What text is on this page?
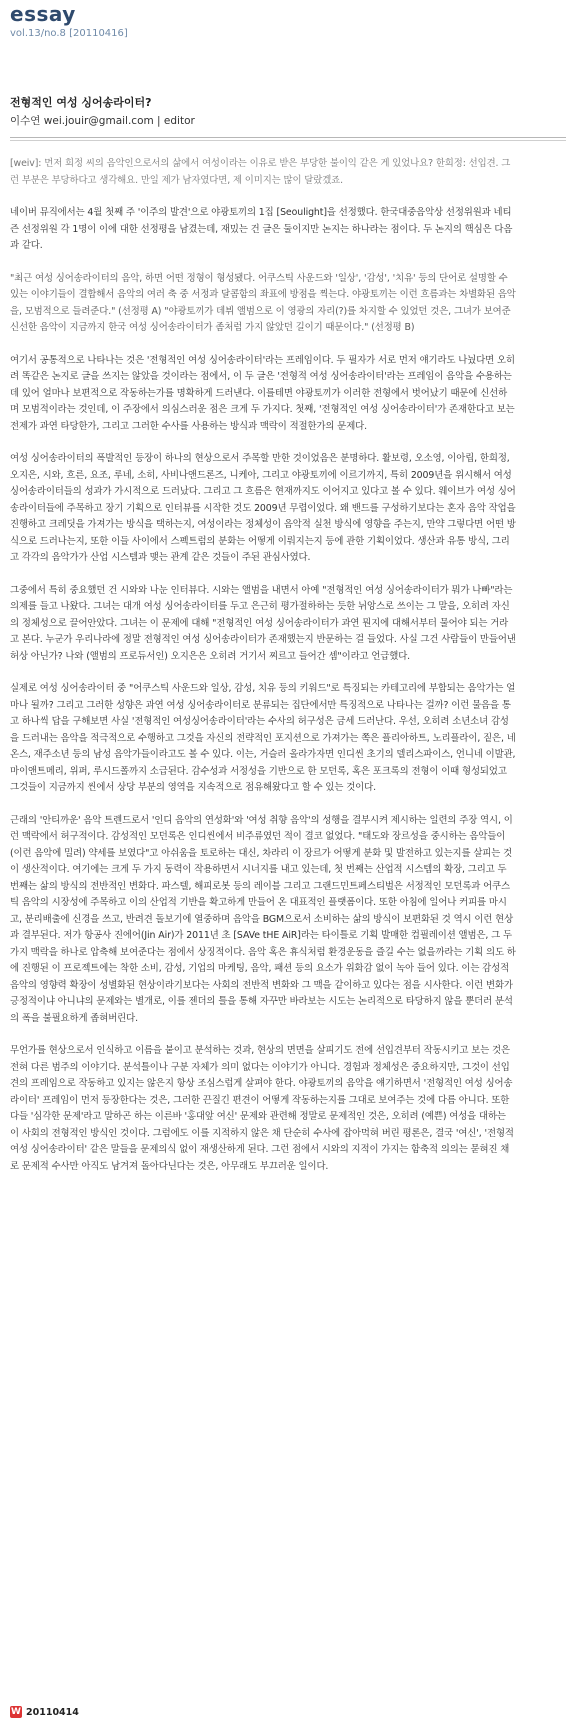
essay
vol.13/no.8 [20110416]
전형적인 여성 싱어송라이터?
이수연 wei.jouir@gmail.com | editor

[weiv]: 먼저 희정 씨의 음악인으로서의 삶에서 여성이라는 이유로 받은 부당한 불이익 같은 게 있었나요? 한희정: 선입견. 그런 부분은 부당하다고 생각해요. 만일 제가 남자였다면, 제 이미지는 많이 달랐겠죠.

네이버 뮤직에서는 4월 첫째 주 '이주의 발견'으로 야광토끼의 1집 [Seoulight]을 선정했다. 한국대중음악상 선정위원과 네티즌 선정위원 각 1명이 이에 대한 선정평을 남겼는데, 재밌는 건 글은 둘이지만 논지는 하나라는 점이다. 두 논지의 핵심은 다음과 같다.

"최근 여성 싱어송라이터의 음악, 하면 어떤 정형이 형성됐다. 어쿠스틱 사운드와 '일상', '감성', '치유' 등의 단어로 설명할 수 있는 이야기들이 결합해서 음악의 여러 축 중 서정과 달콤함의 좌표에 방점을 찍는다. 야광토끼는 이런 흐름과는 차별화된 음악을, 모범적으로 들려준다." (선정평 A) "야광토끼가 데뷔 앨범으로 이 영광의 자리(?)를 차지할 수 있었던 것은, 그녀가 보여준 신선한 음악이 지금까지 한국 여성 싱어송라이터가 좀처럼 가지 않았던 길이기 때문이다." (선정평 B)

여기서 공통적으로 나타나는 것은 '전형적인 여성 싱어송라이터'라는 프레임이다. 두 필자가 서로 먼저 얘기라도 나눴다면 오히려 똑같은 논지로 글을 쓰지는 않았을 것이라는 점에서, 이 두 글은 '전형적 여성 싱어송라이터'라는 프레임이 음악을 수용하는 데 있어 얼마나 보편적으로 작동하는가를 명확하게 드러낸다. 이를테면 야광토끼가 이러한 전형에서 벗어났기 때문에 신선하며 모범적이라는 것인데, 이 주장에서 의심스러운 점은 크게 두 가지다. 첫째, '전형적인 여성 싱어송라이터'가 존재한다고 보는 전제가 과연 타당한가, 그리고 그러한 수사를 사용하는 방식과 맥락이 적절한가의 문제다.

여성 싱어송라이터의 폭발적인 등장이 하나의 현상으로서 주목할 만한 것이었음은 분명하다. 활보령, 오소영, 이아립, 한희정, 오지은, 시와, 흐른, 요조, 루네, 소히, 사비나앤드론즈, 니케아, 그리고 야광토끼에 이르기까지, 특히 2009년을 위시해서 여성 싱어송라이터들의 성과가 가시적으로 드러났다. 그리고 그 흐름은 현재까지도 이어지고 있다고 볼 수 있다. 웨이브가 여성 싱어송라이터들에 주목하고 장기 기획으로 인터뷰를 시작한 것도 2009년 무렵이었다. 왜 밴드를 구성하기보다는 혼자 음악 작업을 진행하고 크레딧을 가져가는 방식을 택하는지, 여성이라는 정체성이 음악적 실천 방식에 영향을 주는지, 만약 그렇다면 어떤 방식으로 드러나는지, 또한 이들 사이에서 스펙트럼의 분화는 어떻게 이뤄지는지 등에 관한 기획이었다. 생산과 유통 방식, 그리고 각각의 음악가가 산업 시스템과 맺는 관계 같은 것들이 주된 관심사였다.

그중에서 특히 중요했던 건 시와와 나눈 인터뷰다. 시와는 앨범을 내면서 아예 "전형적인 여성 싱어송라이터가 뭐가 나빠"라는 의제를 들고 나왔다. 그녀는 대개 여성 싱어송라이터를 두고 은근히 평가절하하는 듯한 뉘앙스로 쓰이는 그 말을, 오히려 자신의 정체성으로 끌어안았다. 그녀는 이 문제에 대해 "전형적인 여성 싱어송라이터가 과연 뭔지에 대해서부터 물어야 되는 거라고 본다. 누군가 우리나라에 정말 전형적인 여성 싱어송라이터가 존재했는지 반문하는 걸 들었다. 사실 그건 사람들이 만들어낸 허상 아닌가? 나와 (앨범의 프로듀서인) 오지은은 오히려 거기서 찌르고 들어간 셈"이라고 언급했다.

실제로 여성 싱어송라이터 중 "어쿠스틱 사운드와 일상, 감성, 치유 등의 키워드"로 특징되는 카테고리에 부합되는 음악가는 얼마나 될까? 그리고 그러한 성향은 과연 여성 싱어송라이터로 분류되는 집단에서만 특징적으로 나타나는 걸까? 이런 물음을 통고 하나씩 답을 구해보면 사실 '전형적인 여성싱어송라이터'라는 수사의 허구성은 금세 드러난다. 우선, 오히려 소년소녀 감성을 드러내는 음악을 적극적으로 수행하고 그것을 자신의 전략적인 포지션으로 가져가는 쪽은 플리아하트, 노리플라이, 짙은, 네온스, 재주소년 등의 남성 음악가들이라고도 볼 수 있다. 이는, 거슬러 올라가자면 인디씬 초기의 델리스파이스, 언니네 이발관, 마이앤트메리, 위퍼, 루시드폴까지 소급된다. 감수성과 서정성을 기반으로 한 모던록, 혹은 포크록의 전형이 이때 형성되었고 그것들이 지금까지 씬에서 상당 부분의 영역을 지속적으로 점유해왔다고 할 수 있는 것이다.

근래의 '안티까운' 음악 트렌드로서 '인디 음악의 연성화'와 '여성 취향 음악'의 성행을 결부시켜 제시하는 일련의 주장 역시, 이런 맥락에서 허구적이다. 감성적인 모던록은 인디씬에서 비주류였던 적이 결코 없었다. "태도와 장르성을 중시하는 음악들이 (이런 음악에 밀려) 약세를 보였다"고 아쉬움을 토로하는 대신, 차라리 이 장르가 어떻게 분화 및 발전하고 있는지를 살피는 것이 생산적이다. 여기에는 크게 두 가지 동력이 작용하면서 시너지를 내고 있는데, 첫 번째는 산업적 시스템의 확장, 그리고 두 번째는 삶의 방식의 전반적인 변화다. 파스텔, 해피로봇 등의 레이블 그리고 그랜드민트페스티벌은 서정적인 모던록과 어쿠스틱 음악의 시장성에 주목하고 이의 산업적 기반을 확고하게 만들어 온 대표적인 플랫폼이다. 또한 아침에 일어나 커피를 마시고, 분리배출에 신경을 쓰고, 반려견 돌보기에 열중하며 음악을 BGM으로서 소비하는 삶의 방식이 보편화된 것 역시 이런 현상과 결부된다. 저가 항공사 진에어(Jin Air)가 2011년 초 [SAVe tHE AiR]라는 타이틀로 기획 발매한 컴필레이션 앨범은, 그 두 가지 맥락을 하나로 압축해 보여준다는 점에서 상징적이다. 음악 혹은 휴식처럼 환경운동을 즐길 수는 없을까라는 기획 의도 하에 진행된 이 프로젝트에는 착한 소비, 감성, 기업의 마케팅, 음악, 패션 등의 요소가 위화감 없이 녹아 들어 있다. 이는 감성적 음악의 영향력 확장이 성별화된 현상이라기보다는 사회의 전반적 변화와 그 맥을 같이하고 있다는 점을 시사한다. 이런 변화가 긍정적이냐 아니냐의 문제와는 별개로, 이를 젠더의 틀을 통해 자꾸만 바라보는 시도는 논리적으로 타당하지 않을 뿐더러 분석의 폭을 불필요하게 좁혀버린다.

무언가를 현상으로서 인식하고 이름을 붙이고 분석하는 것과, 현상의 면면을 살피기도 전에 선입견부터 작동시키고 보는 것은 전혀 다른 범주의 이야기다. 분석틀이나 구분 자체가 의미 없다는 이야기가 아니다. 경험과 정체성은 중요하지만, 그것이 선입견의 프레임으로 작동하고 있지는 않은지 항상 조심스럽게 살펴야 한다. 야광토끼의 음악을 얘기하면서 '전형적인 여성 싱어송라이터' 프레임이 먼저 등장한다는 것은, 그러한 끈질긴 편견이 어떻게 작동하는지를 그대로 보여주는 것에 다름 아니다. 또한 다들 '심각한 문제'라고 말하곤 하는 이른바 '홍대앞 여신' 문제와 관련해 정말로 문제적인 것은, 오히려 (예쁜) 여성을 대하는 이 사회의 전형적인 방식인 것이다. 그럼에도 이를 지적하지 않은 채 단순히 수사에 잡아먹혀 버린 평론은, 결국 '여신', '전형적 여성 싱어송라이터' 같은 말들을 문제의식 없이 재생산하게 된다. 그런 점에서 시와의 지적이 가지는 함축적 의의는 묻혀진 채로 문제적 수사만 아직도 남겨져 돌아다닌다는 것은, 아무래도 부끄러운 일이다.

W 20110414
